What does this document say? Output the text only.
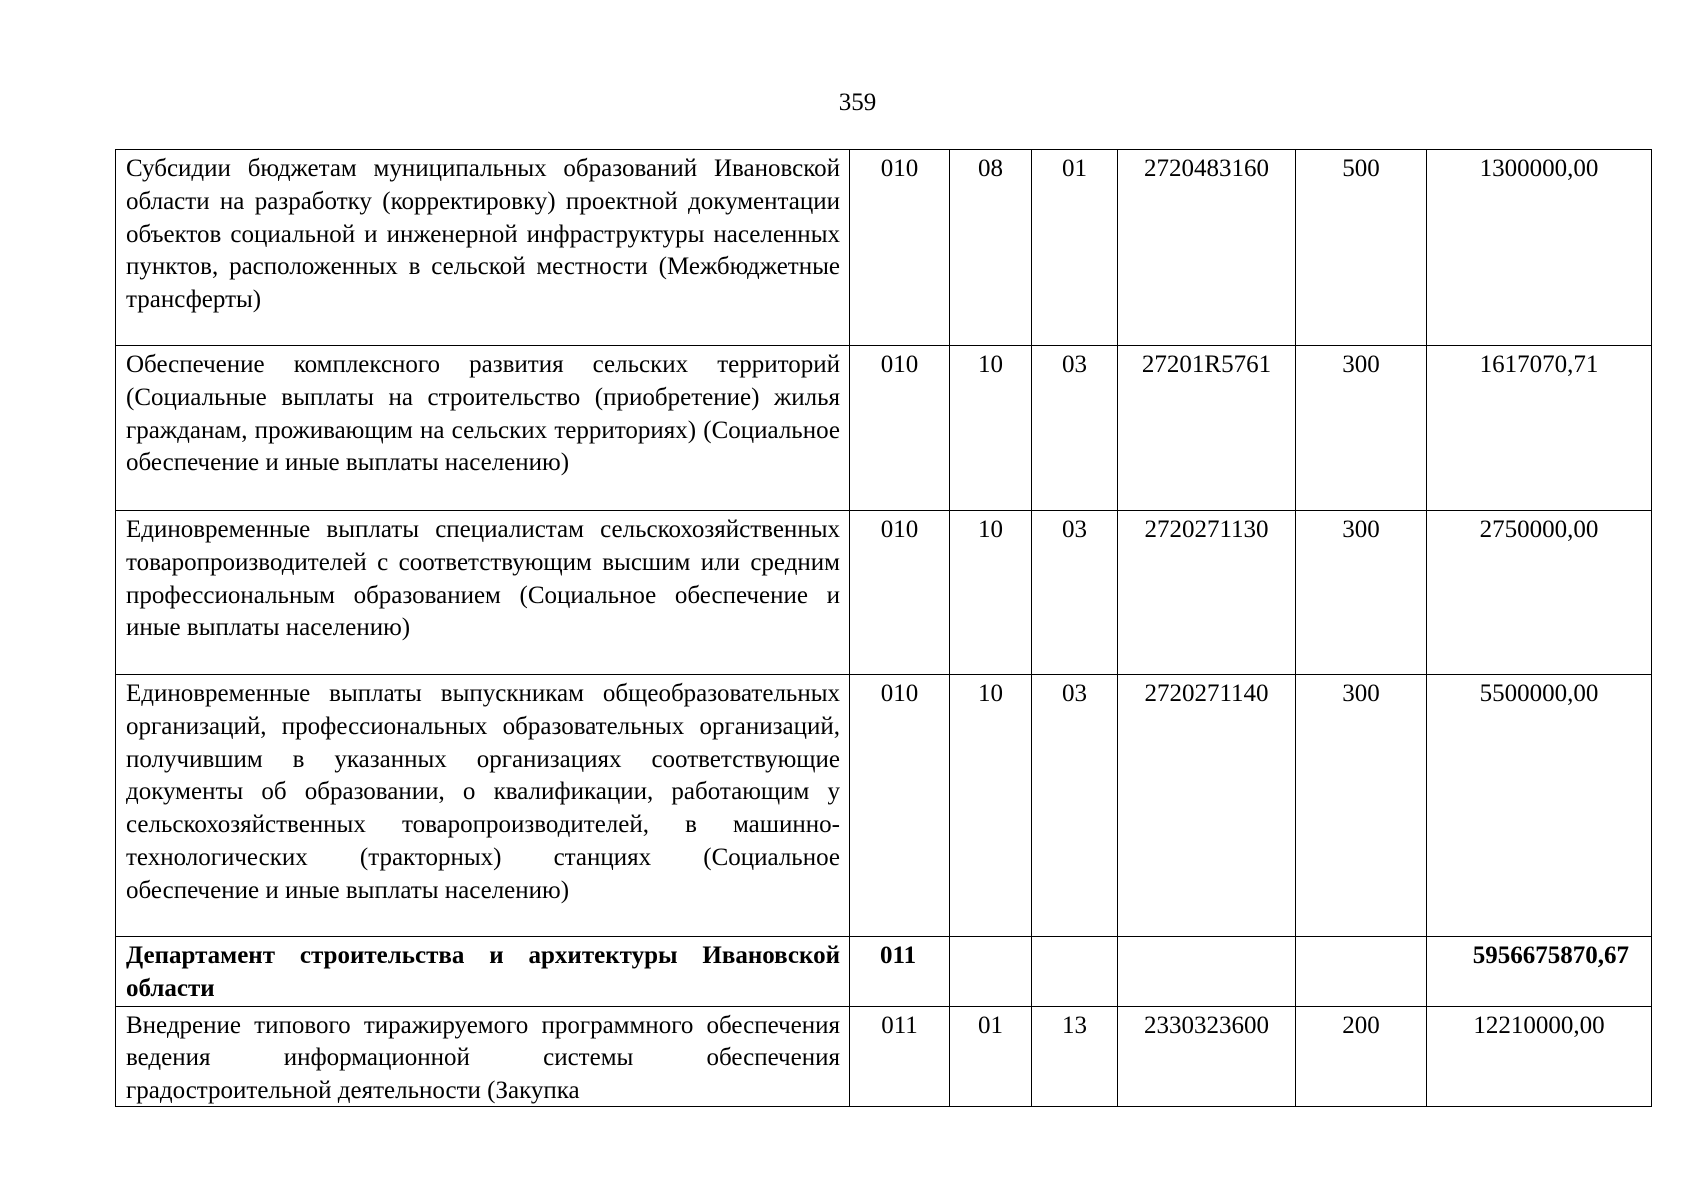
359
Субсидии бюджетам муниципальных образований Ивановской области на разработку (корректировку) проектной документации объектов социальной и инженерной инфраструктуры населенных пунктов, расположенных в сельской местности (Межбюджетные трансферты)	010	08	01	2720483160	500	1300000,00
Обеспечение комплексного развития сельских территорий (Социальные выплаты на строительство (приобретение) жилья гражданам, проживающим на сельских территориях) (Социальное обеспечение и иные выплаты населению)	010	10	03	27201R5761	300	1617070,71
Единовременные выплаты специалистам сельскохозяйственных товаропроизводителей с соответствующим высшим или средним профессиональным образованием (Социальное обеспечение и иные выплаты населению)	010	10	03	2720271130	300	2750000,00
Единовременные выплаты выпускникам общеобразовательных организаций, профессиональных образовательных организаций, получившим в указанных организациях соответствующие документы об образовании, о квалификации, работающим у сельскохозяйственных товаропроизводителей, в машинно-технологических (тракторных) станциях (Социальное обеспечение и иные выплаты населению)	010	10	03	2720271140	300	5500000,00
Департамент строительства и архитектуры Ивановской области	011					5956675870,67

Внедрение типового тиражируемого программного обеспечения ведения информационной системы обеспечения градостроительной деятельности (Закупка	011	01	13	2330323600	200	12210000,00
